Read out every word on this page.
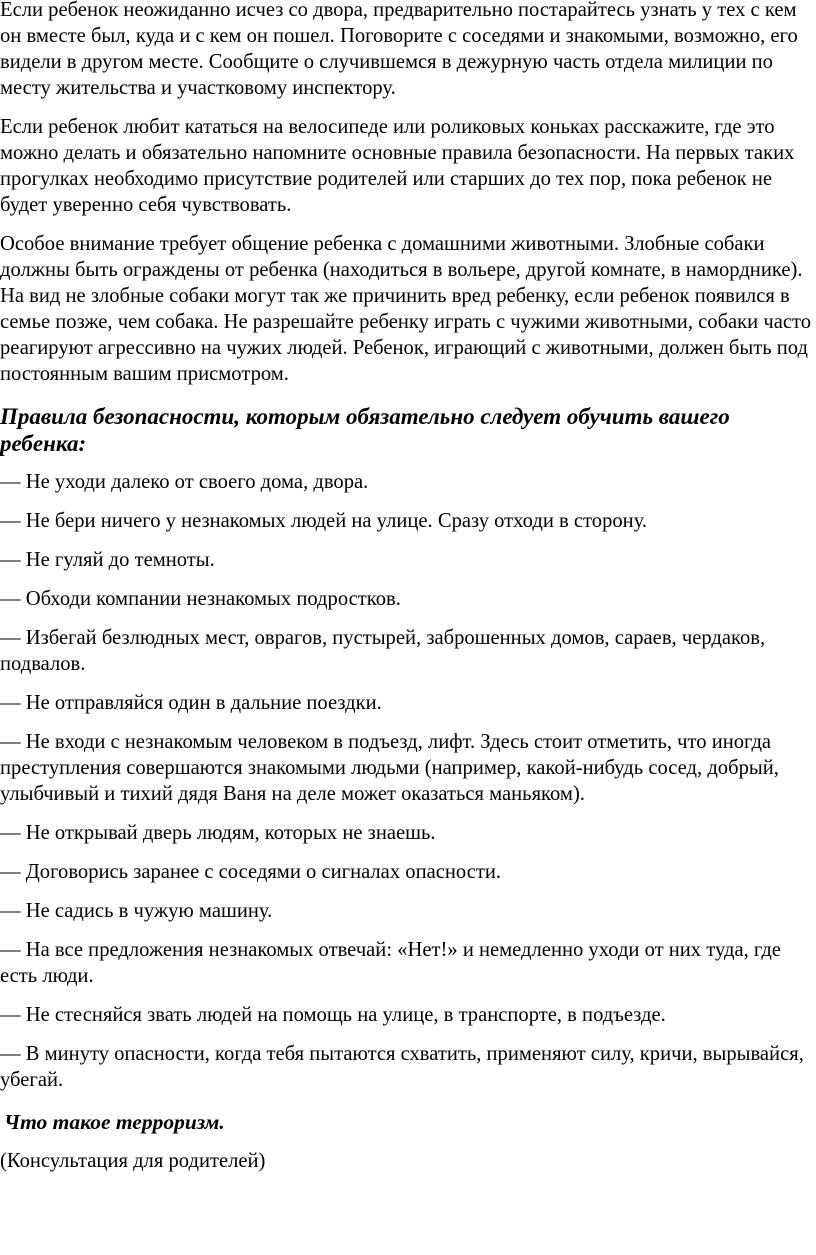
Если ребенок неожиданно исчез со двора, предварительно постарайтесь узнать у тех с кем он вместе был, куда и с кем он пошел. Поговорите с соседями и знакомыми, возможно, его видели в другом месте. Сообщите о случившемся в дежурную часть отдела милиции по месту жительства и участковому инспектору.

Если ребенок любит кататься на велосипеде или роликовых коньках расскажите, где это можно делать и обязательно напомните основные правила безопасности. На первых таких прогулках необходимо присутствие родителей или старших до тех пор, пока ребенок не будет уверенно себя чувствовать.

Особое внимание требует общение ребенка с домашними животными. Злобные собаки должны быть ограждены от ребенка (находиться в вольере, другой комнате, в наморднике). На вид не злобные собаки могут так же причинить вред ребенку, если ребенок появился в семье позже, чем собака. Не разрешайте ребенку играть с чужими животными, собаки часто реагируют агрессивно на чужих людей. Ребенок, играющий с животными, должен быть под постоянным вашим присмотром.

Правила безопасности, которым обязательно следует обучить вашего ребенка:

— Не уходи далеко от своего дома, двора.

— Не бери ничего у незнакомых людей на улице. Сразу отходи в сторону.

— Не гуляй до темноты.

— Обходи компании незнакомых подростков.

— Избегай безлюдных мест, оврагов, пустырей, заброшенных домов, сараев, чердаков, подвалов.

— Не отправляйся один в дальние поездки.

— Не входи с незнакомым человеком в подъезд, лифт. Здесь стоит отметить, что иногда преступления совершаются знакомыми людьми (например, какой-нибудь сосед, добрый, улыбчивый и тихий дядя Ваня на деле может оказаться маньяком).

— Не открывай дверь людям, которых не знаешь.

— Договорись заранее с соседями о сигналах опасности.

— Не садись в чужую машину.

— На все предложения незнакомых отвечай: «Нет!» и немедленно уходи от них туда, где есть люди.

— Не стесняйся звать людей на помощь на улице, в транспорте, в подъезде.

— В минуту опасности, когда тебя пытаются схватить, применяют силу, кричи, вырывайся, убегай.

Что такое терроризм.

(Консультация для родителей)
